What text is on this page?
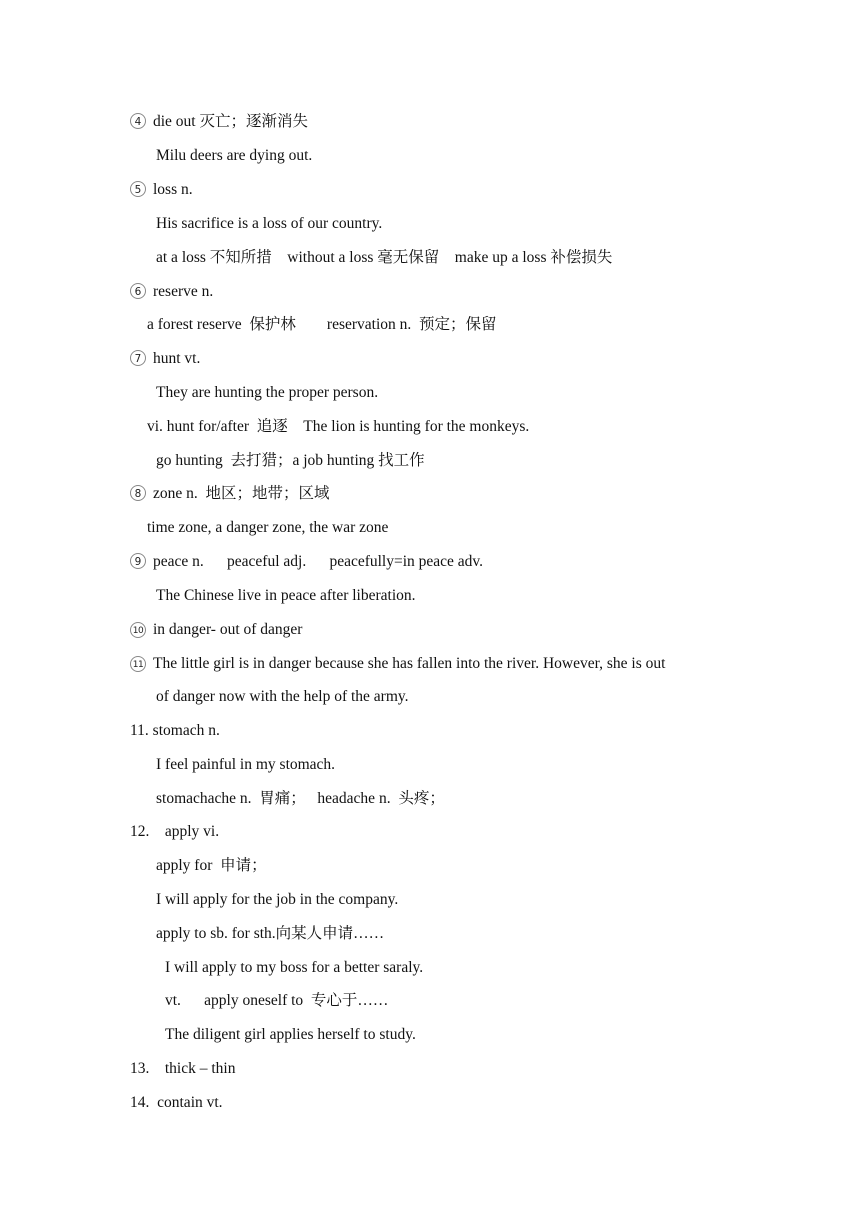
4 die out 灭亡；逐渐消失
Milu deers are dying out.
5 loss n.
His sacrifice is a loss of our country.
at a loss 不知所措    without a loss 毫无保留    make up a loss 补偿损失
6 reserve n.
a forest reserve  保护林        reservation n.  预定；保留
7 hunt vt.
They are hunting the proper person.
vi. hunt for/after  追逐    The lion is hunting for the monkeys.
go hunting  去打猎；a job hunting 找工作
8 zone n.  地区；地带；区域
time zone, a danger zone, the war zone
9 peace n.      peaceful adj.      peacefully=in peace adv.
The Chinese live in peace after liberation.
10 in danger- out of danger
11 The little girl is in danger because she has fallen into the river. However, she is out
of danger now with the help of the army.
11. stomach n.
I feel painful in my stomach.
stomachache n.  胃痛；   headache n.  头疼；
12.    apply vi.
apply for  申请；
I will apply for the job in the company.
apply to sb. for sth.向某人申请……
I will apply to my boss for a better saraly.
vt.      apply oneself to  专心于……
The diligent girl applies herself to study.
13.    thick – thin
14.  contain vt.
